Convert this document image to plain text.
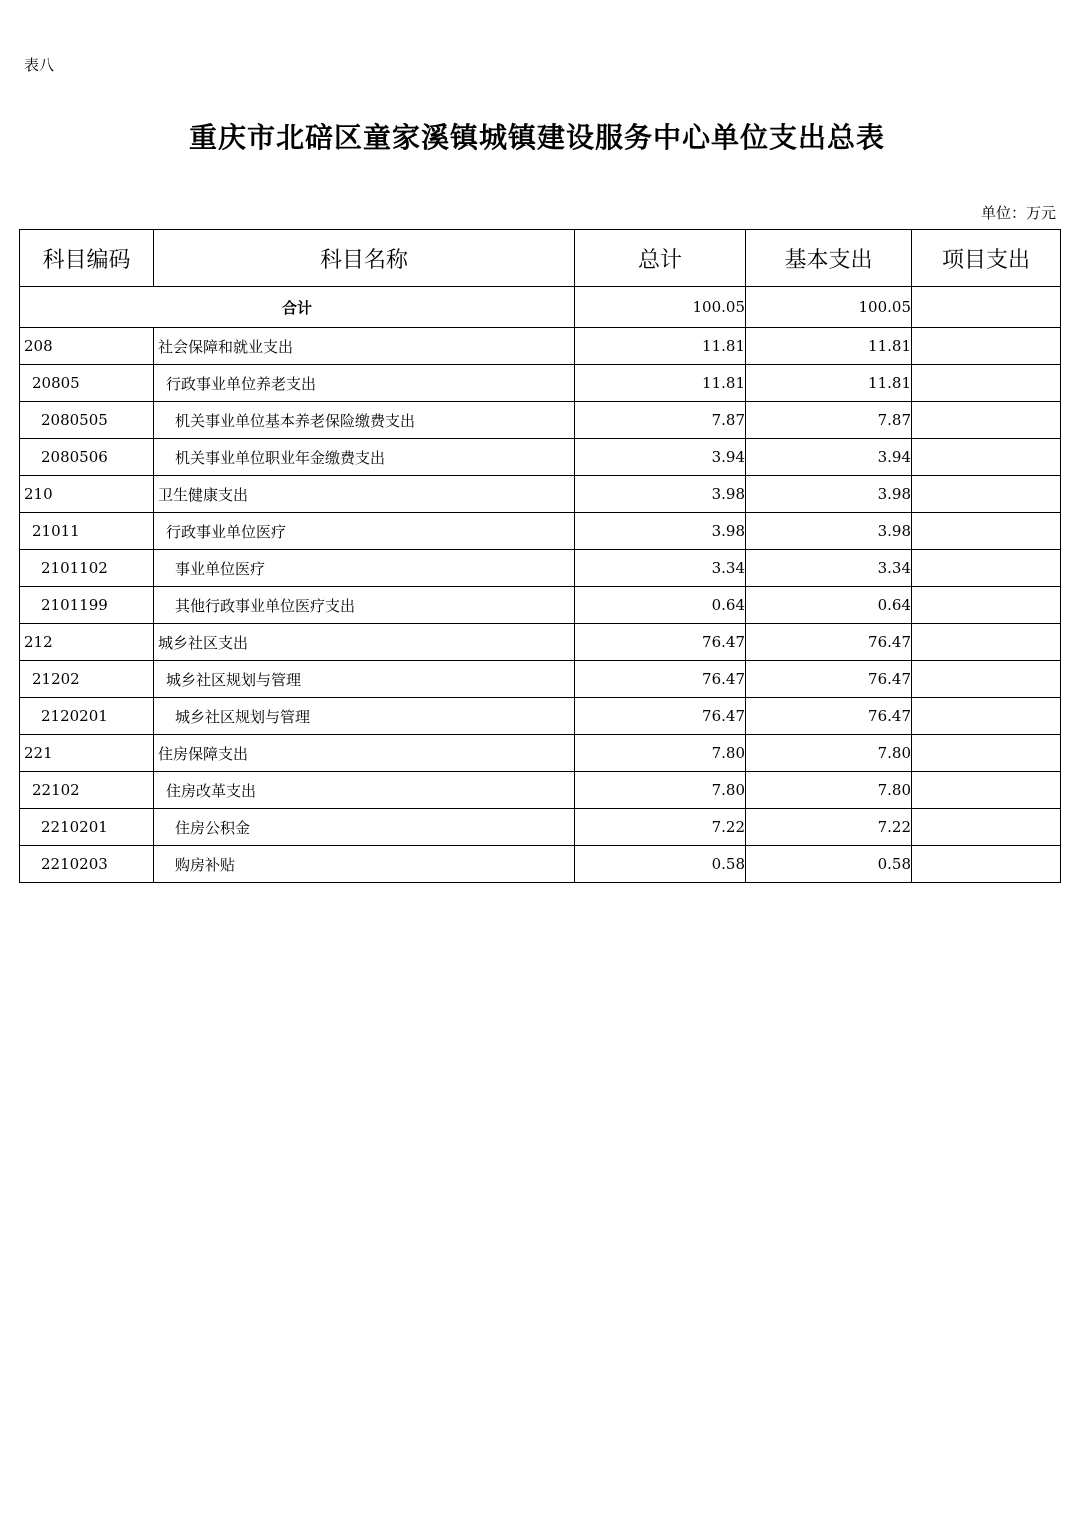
表八
重庆市北碚区童家溪镇城镇建设服务中心单位支出总表
单位：万元
科目编码	科目名称	总计	基本支出	项目支出
合计		100.05	100.05	
208	社会保障和就业支出	11.81	11.81	
20805	行政事业单位养老支出	11.81	11.81	
2080505	机关事业单位基本养老保险缴费支出	7.87	7.87	
2080506	机关事业单位职业年金缴费支出	3.94	3.94	
210	卫生健康支出	3.98	3.98	
21011	行政事业单位医疗	3.98	3.98	
2101102	事业单位医疗	3.34	3.34	
2101199	其他行政事业单位医疗支出	0.64	0.64	
212	城乡社区支出	76.47	76.47	
21202	城乡社区规划与管理	76.47	76.47	
2120201	城乡社区规划与管理	76.47	76.47	
221	住房保障支出	7.80	7.80	
22102	住房改革支出	7.80	7.80	
2210201	住房公积金	7.22	7.22	
2210203	购房补贴	0.58	0.58	
